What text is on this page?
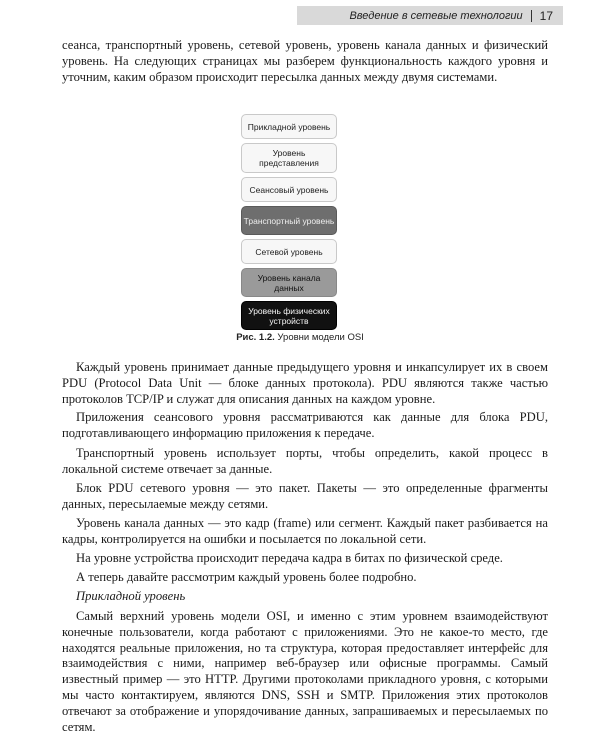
Введение в сетевые технологии 17

сеанса, транспортный уровень, сетевой уровень, уровень канала данных и физический уровень. На следующих страницах мы разберем функциональность каждого уровня и уточним, каким образом происходит пересылка данных между двумя системами.

Прикладной уровень
Уровень представления
Сеансовый уровень
Транспортный уровень
Сетевой уровень
Уровень канала данных
Уровень физических устройств
Рис. 1.2. Уровни модели OSI

Каждый уровень принимает данные предыдущего уровня и инкапсулирует их в своем PDU (Protocol Data Unit — блоке данных протокола). PDU являются также частью протоколов TCP/IP и служат для описания данных на каждом уровне.

Приложения сеансового уровня рассматриваются как данные для блока PDU, подготавливающего информацию приложения к передаче.

Транспортный уровень использует порты, чтобы определить, какой процесс в локальной системе отвечает за данные.

Блок PDU сетевого уровня — это пакет. Пакеты — это определенные фрагменты данных, пересылаемые между сетями.

Уровень канала данных — это кадр (frame) или сегмент. Каждый пакет разбивается на кадры, контролируется на ошибки и посылается по локальной сети.

На уровне устройства происходит передача кадра в битах по физической среде.

А теперь давайте рассмотрим каждый уровень более подробно.

Прикладной уровень

Самый верхний уровень модели OSI, и именно с этим уровнем взаимодействуют конечные пользователи, когда работают с приложениями. Это не какое-то место, где находятся реальные приложения, но та структура, которая предоставляет интерфейс для взаимодействия с ними, например веб-браузер или офисные программы. Самый известный пример — это HTTP. Другими протоколами прикладного уровня, с которыми мы часто контактируем, являются DNS, SSH и SMTP. Приложения этих протоколов отвечают за отображение и упорядочивание данных, запрашиваемых и пересылаемых по сетям.
